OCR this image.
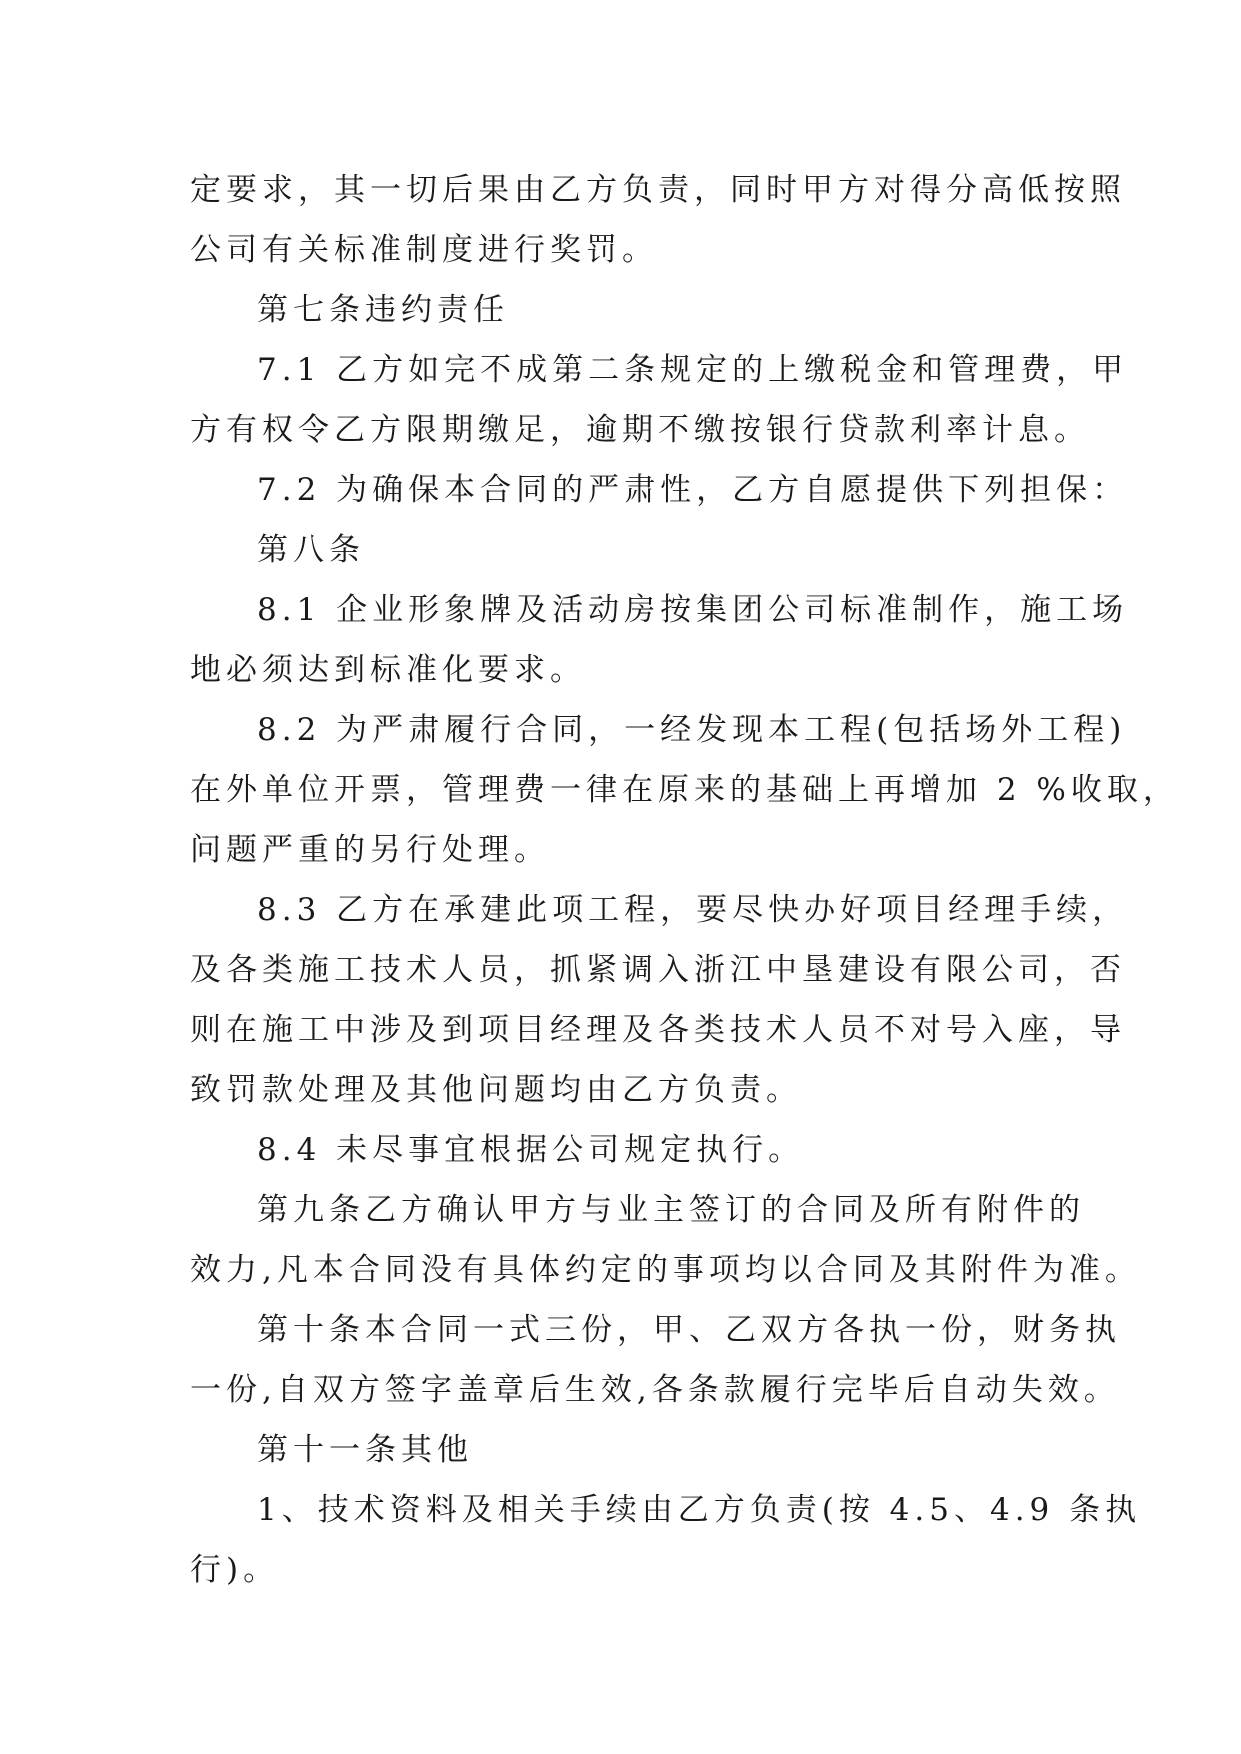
定要求，其一切后果由乙方负责，同时甲方对得分高低按照
公司有关标准制度进行奖罚。
第七条违约责任
7.1 乙方如完不成第二条规定的上缴税金和管理费，甲
方有权令乙方限期缴足，逾期不缴按银行贷款利率计息。
7.2 为确保本合同的严肃性，乙方自愿提供下列担保：
第八条
8.1 企业形象牌及活动房按集团公司标准制作，施工场
地必须达到标准化要求。
8.2 为严肃履行合同，一经发现本工程(包括场外工程)
在外单位开票，管理费一律在原来的基础上再增加 2 %收取，
问题严重的另行处理。
8.3 乙方在承建此项工程，要尽快办好项目经理手续，
及各类施工技术人员，抓紧调入浙江中垦建设有限公司，否
则在施工中涉及到项目经理及各类技术人员不对号入座，导
致罚款处理及其他问题均由乙方负责。
8.4 未尽事宜根据公司规定执行。
第九条乙方确认甲方与业主签订的合同及所有附件的
效力,凡本合同没有具体约定的事项均以合同及其附件为准。
第十条本合同一式三份，甲、乙双方各执一份，财务执
一份,自双方签字盖章后生效,各条款履行完毕后自动失效。
第十一条其他
1、技术资料及相关手续由乙方负责(按 4.5、4.9 条执
行)。
